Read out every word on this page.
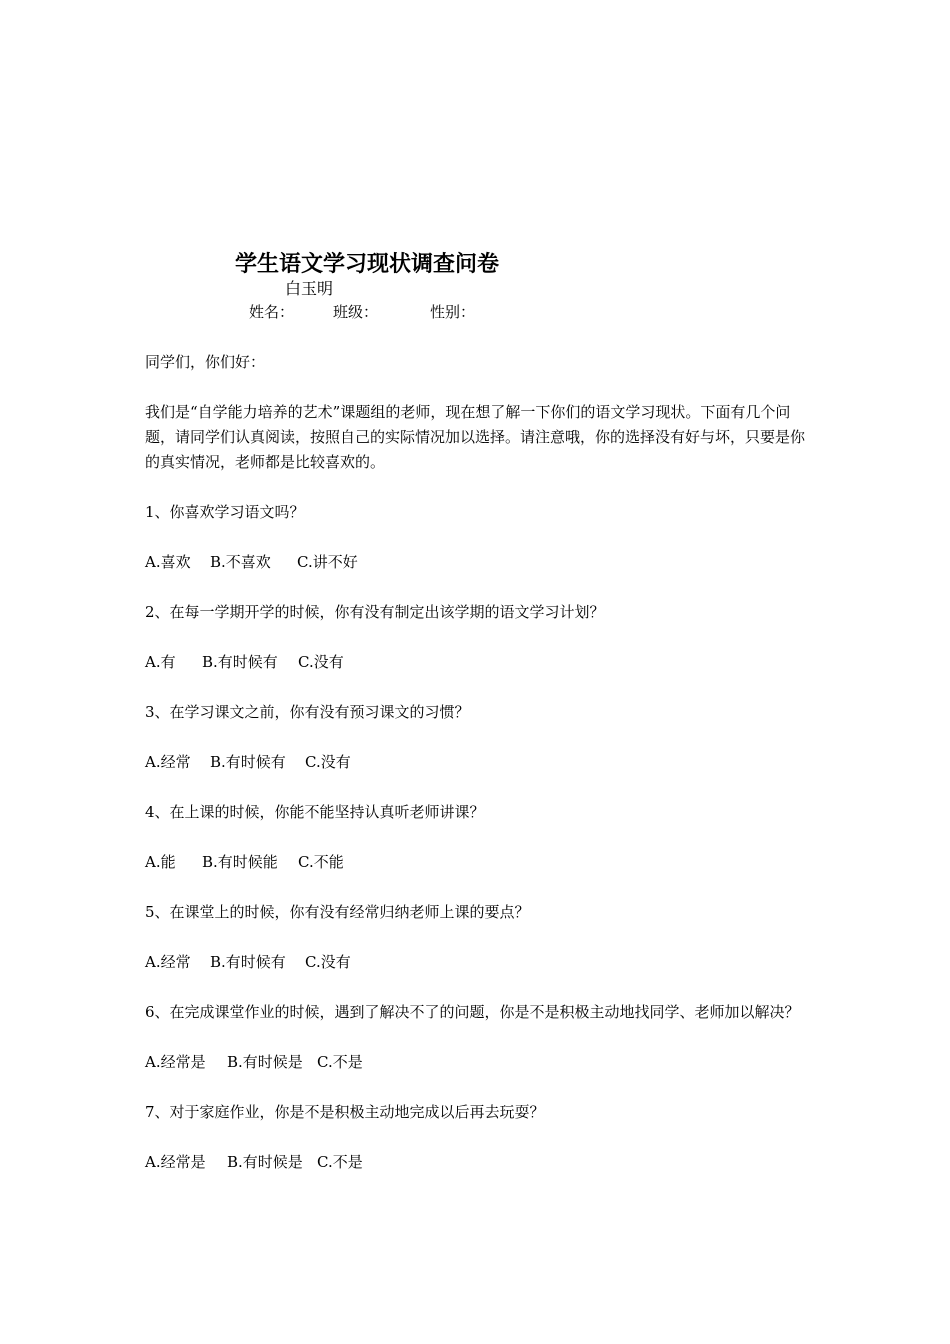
学生语文学习现状调查问卷
白玉明
姓名：	班级：	性别：

同学们，你们好：

我们是“自学能力培养的艺术”课题组的老师，现在想了解一下你们的语文学习现状。下面有几个问题，请同学们认真阅读，按照自己的实际情况加以选择。请注意哦，你的选择没有好与坏，只要是你的真实情况，老师都是比较喜欢的。

1、你喜欢学习语文吗？

A.喜欢 B.不喜欢 C.讲不好

2、在每一学期开学的时候，你有没有制定出该学期的语文学习计划？

A.有 B.有时候有 C.没有

3、在学习课文之前，你有没有预习课文的习惯？

A.经常 B.有时候有 C.没有

4、在上课的时候，你能不能坚持认真听老师讲课？

A.能 B.有时候能 C.不能

5、在课堂上的时候，你有没有经常归纳老师上课的要点？

A.经常 B.有时候有 C.没有

6、在完成课堂作业的时候，遇到了解决不了的问题，你是不是积极主动地找同学、老师加以解决？

A.经常是 B.有时候是 C.不是

7、对于家庭作业，你是不是积极主动地完成以后再去玩耍？

A.经常是 B.有时候是 C.不是
